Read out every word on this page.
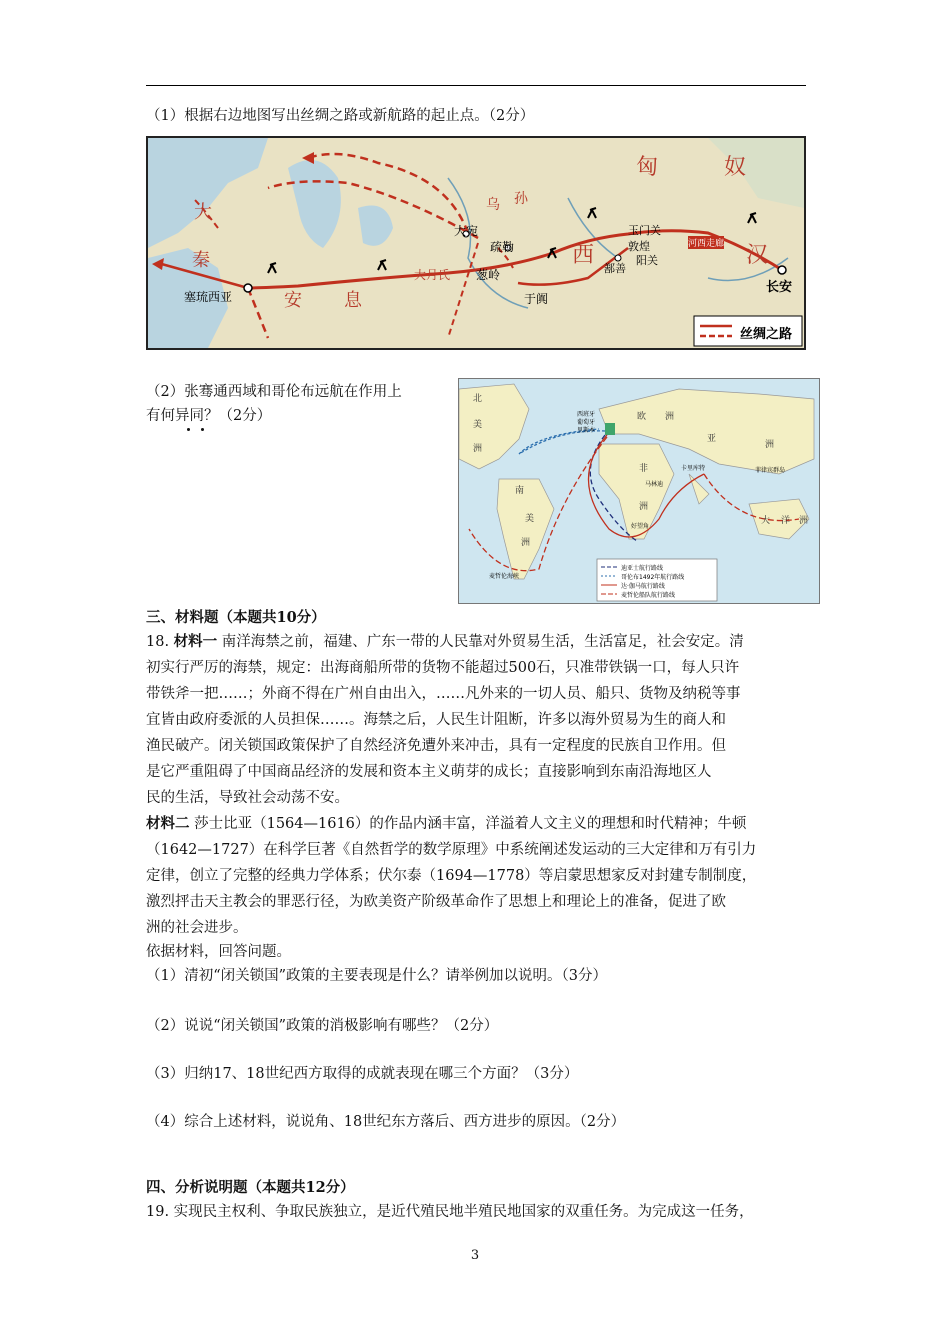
（1）根据右边地图写出丝绸之路或新航路的起止点。（2分）
匈	奴
乌 孙
大
秦
安 息
西	汉
大宛
疏勒
葱岭
大月氏
于阗
玉门关
敦煌
阳关
鄯善
河西走廊
长安
塞琉西亚
丝绸之路
（2）张骞通西域和哥伦布远航在作用上
有何异同？（2分）
北
美
洲
欧 洲
亚
洲
非
洲
南
美
洲
大 洋 洲
西班牙
葡萄牙
里斯本
卡里库特
马林迪
好望角
菲律宾群岛
麦哲伦海峡
迪亚士航行路线
哥伦布1492年航行路线
达·伽马航行路线
麦哲伦船队航行路线
三、材料题（本题共10分）
18. 材料一 南洋海禁之前，福建、广东一带的人民靠对外贸易生活，生活富足，社会安定。清
初实行严厉的海禁，规定：出海商船所带的货物不能超过500石，只准带铁锅一口，每人只许
带铁斧一把……；外商不得在广州自由出入，……凡外来的一切人员、船只、货物及纳税等事
宜皆由政府委派的人员担保……。海禁之后，人民生计阻断，许多以海外贸易为生的商人和
渔民破产。闭关锁国政策保护了自然经济免遭外来冲击，具有一定程度的民族自卫作用。但
是它严重阻碍了中国商品经济的发展和资本主义萌芽的成长；直接影响到东南沿海地区人
民的生活，导致社会动荡不安。
材料二 莎士比亚（1564—1616）的作品内涵丰富，洋溢着人文主义的理想和时代精神；牛顿
（1642—1727）在科学巨著《自然哲学的数学原理》中系统阐述发运动的三大定律和万有引力
定律，创立了完整的经典力学体系；伏尔泰（1694—1778）等启蒙思想家反对封建专制制度，
激烈抨击天主教会的罪恶行径，为欧美资产阶级革命作了思想上和理论上的准备，促进了欧
洲的社会进步。
依据材料，回答问题。
（1）清初“闭关锁国”政策的主要表现是什么？请举例加以说明。（3分）
（2）说说“闭关锁国”政策的消极影响有哪些？（2分）
（3）归纳17、18世纪西方取得的成就表现在哪三个方面？（3分）
（4）综合上述材料，说说角、18世纪东方落后、西方进步的原因。（2分）
四、分析说明题（本题共12分）
19. 实现民主权利、争取民族独立，是近代殖民地半殖民地国家的双重任务。为完成这一任务，
3
